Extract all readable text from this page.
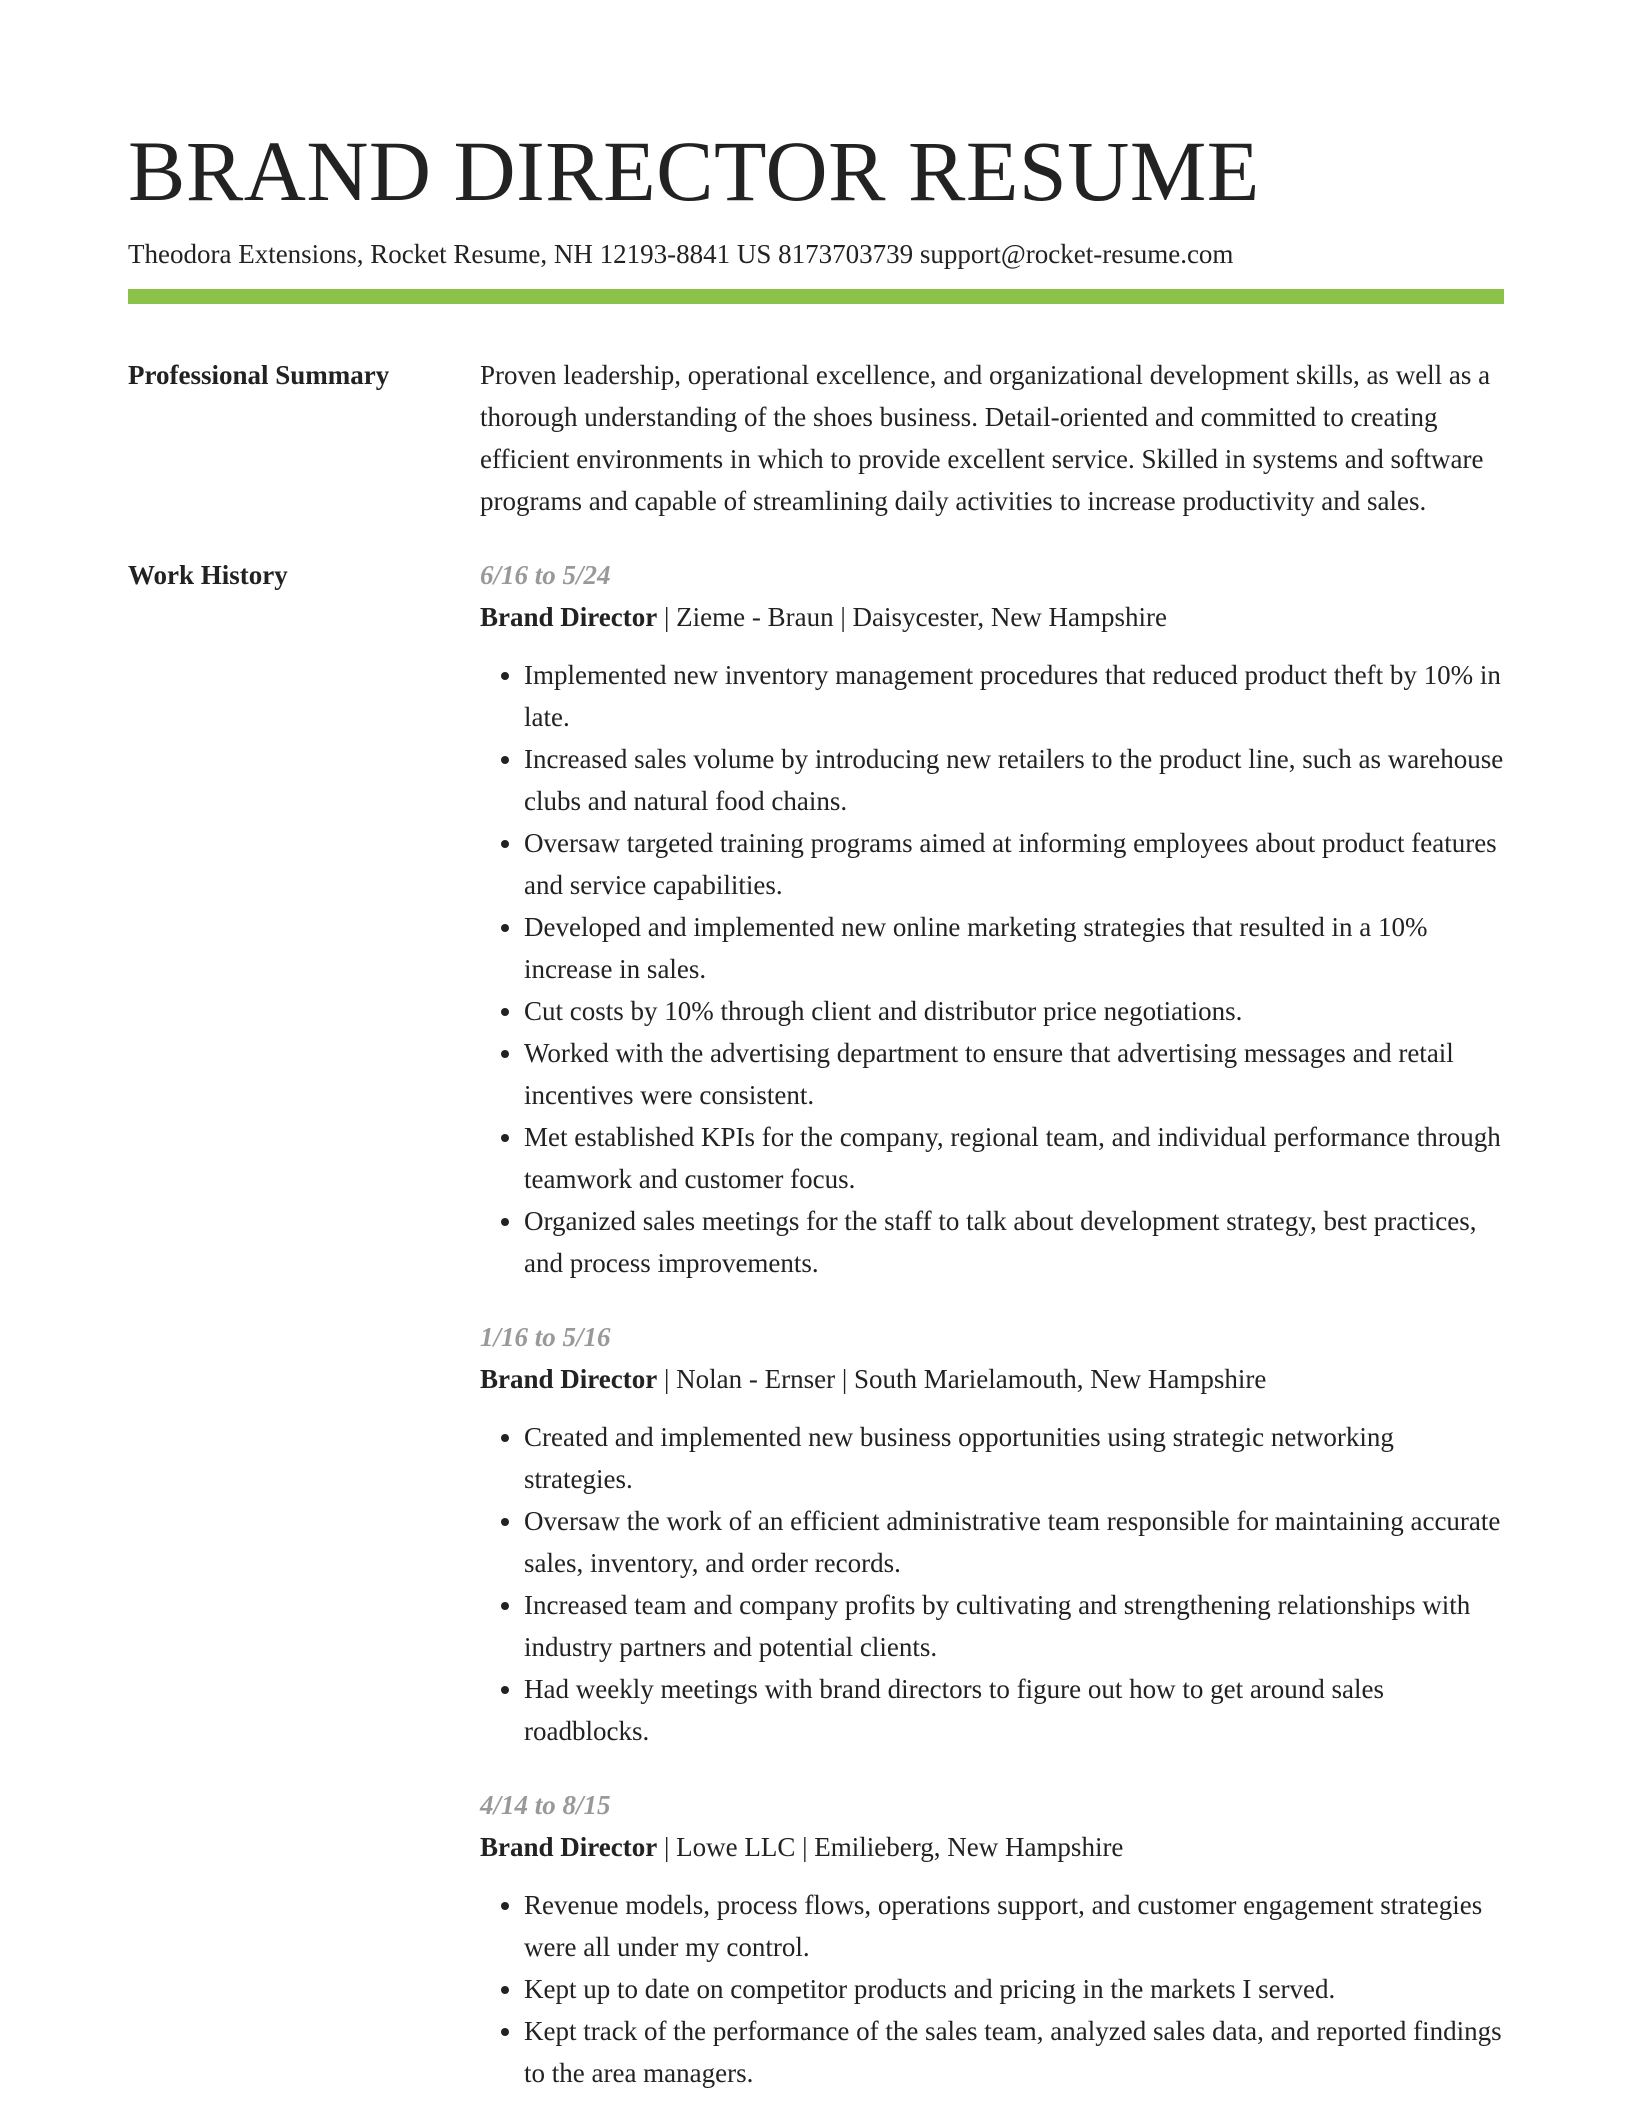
BRAND DIRECTOR RESUME
Theodora Extensions, Rocket Resume, NH 12193-8841 US 8173703739 support@rocket-resume.com
Professional Summary	Proven leadership, operational excellence, and organizational development skills, as well as a thorough understanding of the shoes business. Detail-oriented and committed to creating efficient environments in which to provide excellent service. Skilled in systems and software programs and capable of streamlining daily activities to increase productivity and sales.
Work History	6/16 to 5/24
Brand Director | Zieme - Braun | Daisycester, New Hampshire
• Implemented new inventory management procedures that reduced product theft by 10% in late.
• Increased sales volume by introducing new retailers to the product line, such as warehouse clubs and natural food chains.
• Oversaw targeted training programs aimed at informing employees about product features and service capabilities.
• Developed and implemented new online marketing strategies that resulted in a 10% increase in sales.
• Cut costs by 10% through client and distributor price negotiations.
• Worked with the advertising department to ensure that advertising messages and retail incentives were consistent.
• Met established KPIs for the company, regional team, and individual performance through teamwork and customer focus.
• Organized sales meetings for the staff to talk about development strategy, best practices, and process improvements.
1/16 to 5/16
Brand Director | Nolan - Ernser | South Marielamouth, New Hampshire
• Created and implemented new business opportunities using strategic networking strategies.
• Oversaw the work of an efficient administrative team responsible for maintaining accurate sales, inventory, and order records.
• Increased team and company profits by cultivating and strengthening relationships with industry partners and potential clients.
• Had weekly meetings with brand directors to figure out how to get around sales roadblocks.
4/14 to 8/15
Brand Director | Lowe LLC | Emilieberg, New Hampshire
• Revenue models, process flows, operations support, and customer engagement strategies were all under my control.
• Kept up to date on competitor products and pricing in the markets I served.
• Kept track of the performance of the sales team, analyzed sales data, and reported findings to the area managers.
